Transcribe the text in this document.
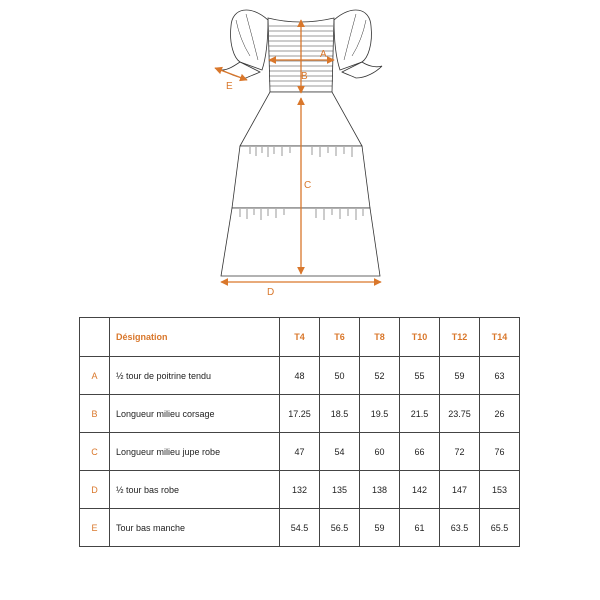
A
B
C
D
E
	Désignation	T4	T6	T8	T10	T12	T14
A	½ tour de poitrine tendu	48	50	52	55	59	63
B	Longueur milieu corsage	17.25	18.5	19.5	21.5	23.75	26
C	Longueur milieu jupe robe	47	54	60	66	72	76
D	½ tour bas robe	132	135	138	142	147	153
E	Tour bas manche	54.5	56.5	59	61	63.5	65.5
